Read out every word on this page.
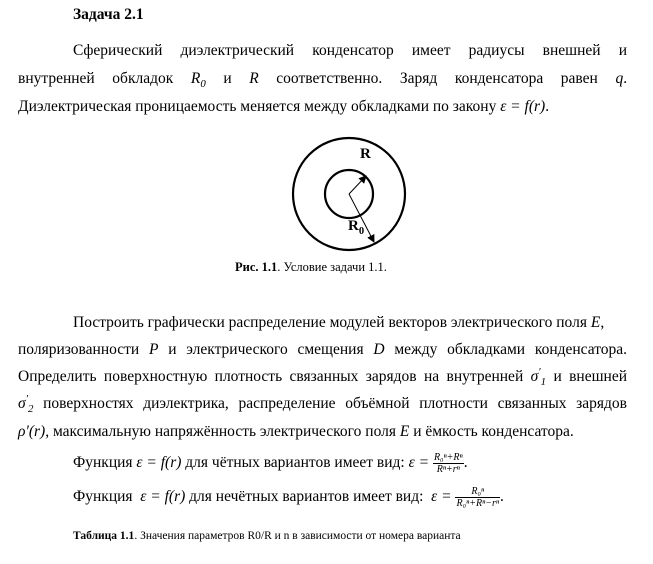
Задача 2.1
Сферический диэлектрический конденсатор имеет радиусы внешней и
внутренней обкладок $R_0$ и R соответственно. Заряд конденсатора равен q.
Диэлектрическая проницаемость меняется между обкладками по закону ε = f(r).
R
$R_0$
Рис. 1.1. Условие задачи 1.1.
Построить графически распределение модулей векторов электрического поля E,
поляризованности P и электрического смещения D между обкладками конденсатора.
Определить поверхностную плотность связанных зарядов на внутренней $\sigma'_1$ и внешней
$\sigma'_2$ поверхностях диэлектрика, распределение объёмной плотности связанных зарядов
ρ′(r), максимальную напряжённость электрического поля E и ёмкость конденсатора.
Функция ε = f(r) для чётных вариантов имеет вид: $\varepsilon = \frac{\text{R₀ⁿ+Rⁿ}}{\text{Rⁿ+rⁿ}}$ .
Функция ε = f(r) для нечётных вариантов имеет вид: $\varepsilon = \frac{\text{R₀ⁿ}}{\text{R₀ⁿ+Rⁿ−rⁿ}}$ .
Таблица 1.1. Значения параметров R0/R и n в зависимости от номера варианта
